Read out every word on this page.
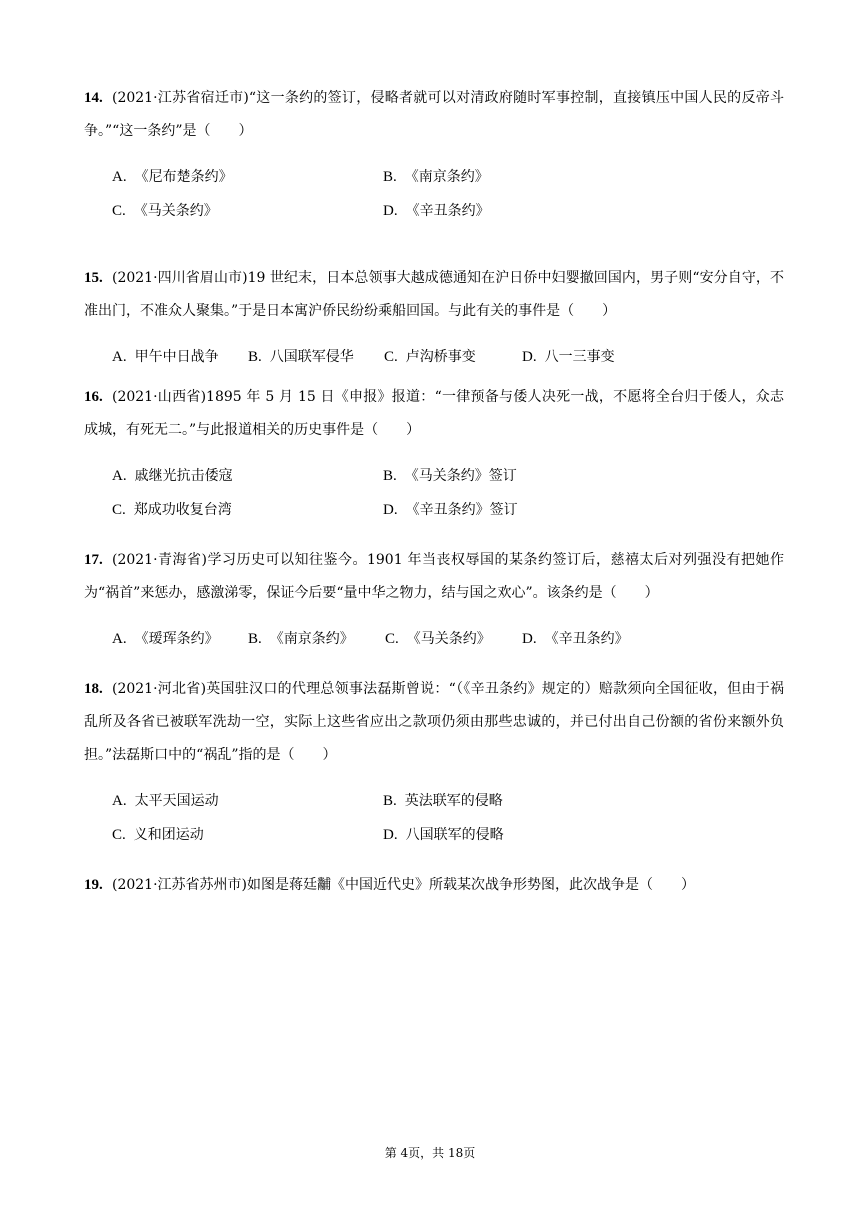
14. (2021·江苏省宿迁市)“这一条约的签订，侵略者就可以对清政府随时军事控制，直接镇压中国人民的反帝斗争。”“这一条约”是（　　）

A. 《尼布楚条约》	B. 《南京条约》
C. 《马关条约》	D. 《辛丑条约》

15. (2021·四川省眉山市)19 世纪末，日本总领事大越成德通知在沪日侨中妇婴撤回国内，男子则“安分自守，不准出门，不准众人聚集。”于是日本寓沪侨民纷纷乘船回国。与此有关的事件是（　　）

A. 甲午中日战争 B. 八国联军侵华 C. 卢沟桥事变	D. 八一三事变

16. (2021·山西省)1895 年 5 月 15 日《申报》报道：“一律预备与倭人决死一战，不愿将全台归于倭人，众志成城，有死无二。”与此报道相关的历史事件是（　　）

A. 戚继光抗击倭寇	B. 《马关条约》签订
C. 郑成功收复台湾	D. 《辛丑条约》签订

17. (2021·青海省)学习历史可以知往鉴今。1901 年当丧权辱国的某条约签订后，慈禧太后对列强没有把她作为“祸首”来惩办，感激涕零，保证今后要“量中华之物力，结与国之欢心”。该条约是（　　）

A. 《瑷珲条约》 B. 《南京条约》 C. 《马关条约》 D. 《辛丑条约》

18. (2021·河北省)英国驻汉口的代理总领事法磊斯曾说：“（《辛丑条约》规定的）赔款须向全国征收，但由于祸乱所及各省已被联军洗劫一空，实际上这些省应出之款项仍须由那些忠诚的，并已付出自己份额的省份来额外负担。”法磊斯口中的“祸乱”指的是（　　）

A. 太平天国运动	B. 英法联军的侵略
C. 义和团运动	D. 八国联军的侵略

19. (2021·江苏省苏州市)如图是蒋廷黼《中国近代史》所载某次战争形势图，此次战争是（　　）

第 4页，共 18页
